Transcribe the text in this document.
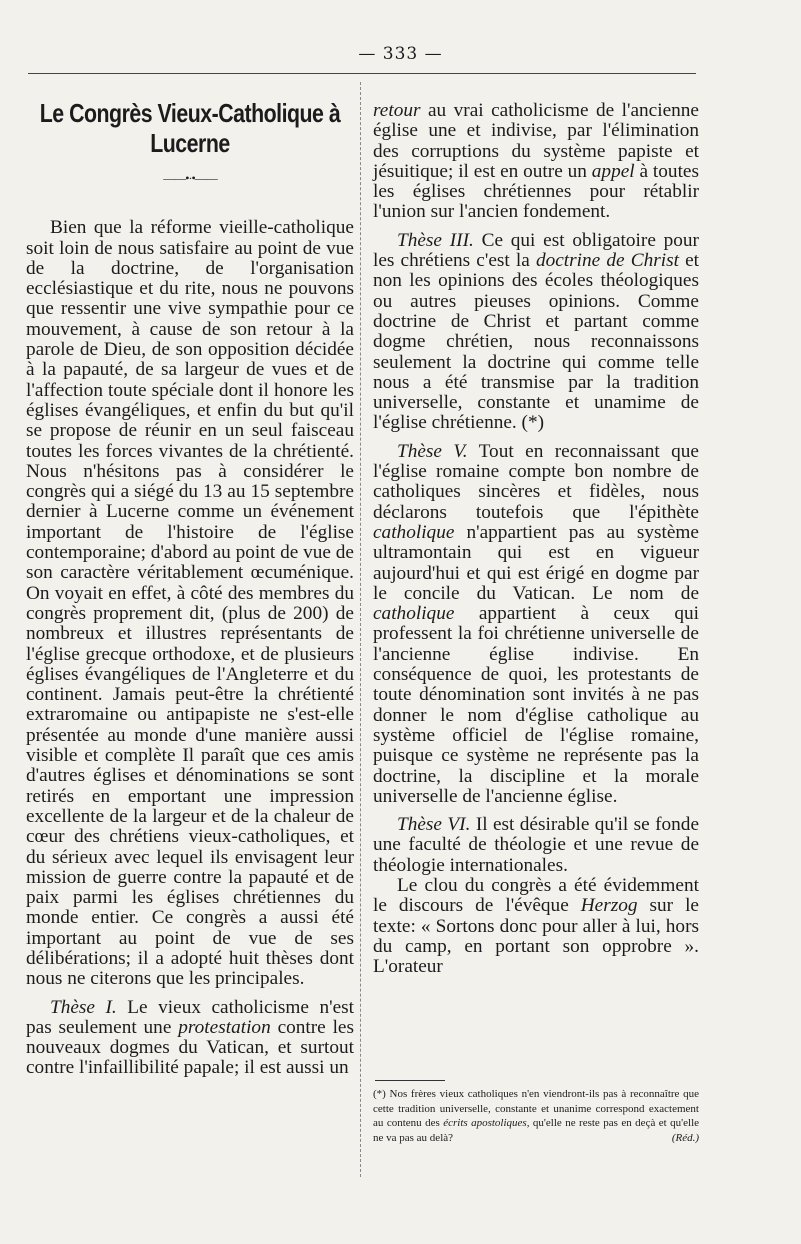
— 333 —
Le Congrès Vieux-Catholique à Lucerne
——•·•——

Bien que la réforme vieille-catholique soit loin de nous satisfaire au point de vue de la doctrine, de l'organisation ecclésiastique et du rite, nous ne pouvons que ressentir une vive sympathie pour ce mouvement, à cause de son retour à la parole de Dieu, de son opposition décidée à la papauté, de sa largeur de vues et de l'affection toute spéciale dont il honore les églises évangéliques, et enfin du but qu'il se propose de réunir en un seul faisceau toutes les forces vivantes de la chrétienté. Nous n'hésitons pas à considérer le congrès qui a siégé du 13 au 15 septembre dernier à Lucerne comme un événement important de l'histoire de l'église contemporaine; d'abord au point de vue de son caractère véritablement œcuménique. On voyait en effet, à côté des membres du congrès proprement dit, (plus de 200) de nombreux et illustres représentants de l'église grecque orthodoxe, et de plusieurs églises évangéliques de l'Angleterre et du continent. Jamais peut-être la chrétienté extraromaine ou antipapiste ne s'est-elle présentée au monde d'une manière aussi visible et complète Il paraît que ces amis d'autres églises et dénominations se sont retirés en emportant une impression excellente de la largeur et de la chaleur de cœur des chrétiens vieux-catholiques, et du sérieux avec lequel ils envisagent leur mission de guerre contre la papauté et de paix parmi les églises chrétiennes du monde entier. Ce congrès a aussi été important au point de vue de ses délibérations; il a adopté huit thèses dont nous ne citerons que les principales.

Thèse I. Le vieux catholicisme n'est pas seulement une protestation contre les nouveaux dogmes du Vatican, et surtout contre l'infaillibilité papale; il est aussi un

retour au vrai catholicisme de l'ancienne église une et indivise, par l'élimination des corruptions du système papiste et jésuitique; il est en outre un appel à toutes les églises chrétiennes pour rétablir l'union sur l'ancien fondement.

Thèse III. Ce qui est obligatoire pour les chrétiens c'est la doctrine de Christ et non les opinions des écoles théologiques ou autres pieuses opinions. Comme doctrine de Christ et partant comme dogme chrétien, nous reconnaissons seulement la doctrine qui comme telle nous a été transmise par la tradition universelle, constante et unamime de l'église chrétienne. (*)

Thèse V. Tout en reconnaissant que l'église romaine compte bon nombre de catholiques sincères et fidèles, nous déclarons toutefois que l'épithète catholique n'appartient pas au système ultramontain qui est en vigueur aujourd'hui et qui est érigé en dogme par le concile du Vatican. Le nom de catholique appartient à ceux qui professent la foi chrétienne universelle de l'ancienne église indivise. En conséquence de quoi, les protestants de toute dénomination sont invités à ne pas donner le nom d'église catholique au système officiel de l'église romaine, puisque ce système ne représente pas la doctrine, la discipline et la morale universelle de l'ancienne église.

Thèse VI. Il est désirable qu'il se fonde une faculté de théologie et une revue de théologie internationales.

Le clou du congrès a été évidemment le discours de l'évêque Herzog sur le texte: « Sortons donc pour aller à lui, hors du camp, en portant son opprobre ». L'orateur

(*) Nos frères vieux catholiques n'en viendront-ils pas à reconnaître que cette tradition universelle, constante et unanime correspond exactement au contenu des écrits apostoliques, qu'elle ne reste pas en deçà et qu'elle ne va pas au delà?	(Réd.)
